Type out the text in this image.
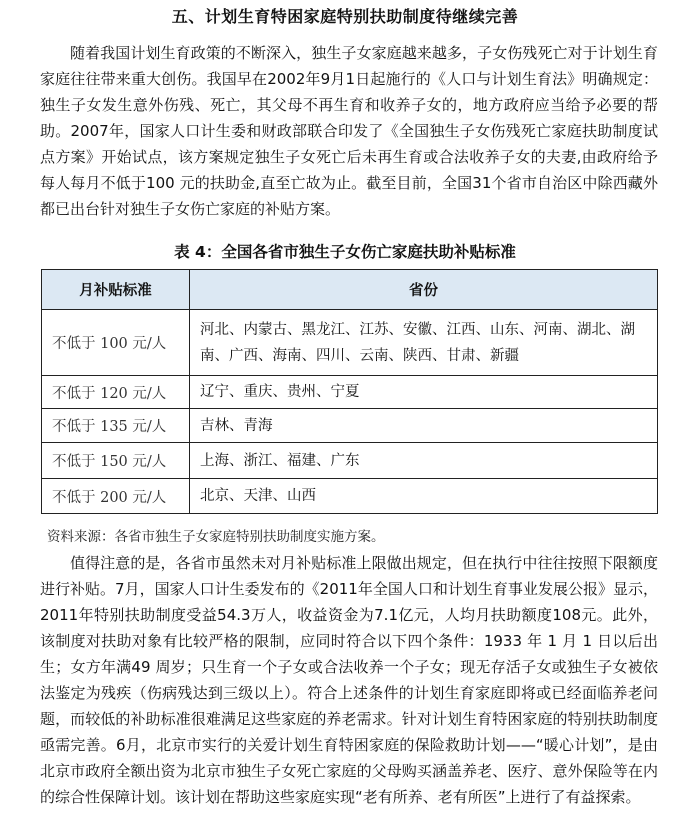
五、计划生育特困家庭特别扶助制度待继续完善

随着我国计划生育政策的不断深入，独生子女家庭越来越多，子女伤残死亡对于计划生育家庭往往带来重大创伤。我国早在2002年9月1日起施行的《人口与计划生育法》明确规定：独生子女发生意外伤残、死亡，其父母不再生育和收养子女的，地方政府应当给予必要的帮助。2007年，国家人口计生委和财政部联合印发了《全国独生子女伤残死亡家庭扶助制度试点方案》开始试点，该方案规定独生子女死亡后未再生育或合法收养子女的夫妻,由政府给予每人每月不低于100 元的扶助金,直至亡故为止。截至目前，全国31个省市自治区中除西藏外都已出台针对独生子女伤亡家庭的补贴方案。

表 4：全国各省市独生子女伤亡家庭扶助补贴标准
月补贴标准	省份
不低于 100 元/人	河北、内蒙古、黑龙江、江苏、安徽、江西、山东、河南、湖北、湖南、广西、海南、四川、云南、陕西、甘肃、新疆
不低于 120 元/人	辽宁、重庆、贵州、宁夏
不低于 135 元/人	吉林、青海
不低于 150 元/人	上海、浙江、福建、广东
不低于 200 元/人	北京、天津、山西
资料来源：各省市独生子女家庭特别扶助制度实施方案。

值得注意的是，各省市虽然未对月补贴标准上限做出规定，但在执行中往往按照下限额度进行补贴。7月，国家人口计生委发布的《2011年全国人口和计划生育事业发展公报》显示，2011年特别扶助制度受益54.3万人，收益资金为7.1亿元，人均月扶助额度108元。此外，该制度对扶助对象有比较严格的限制，应同时符合以下四个条件：1933 年 1 月 1 日以后出生；女方年满49 周岁；只生育一个子女或合法收养一个子女；现无存活子女或独生子女被依法鉴定为残疾（伤病残达到三级以上）。符合上述条件的计划生育家庭即将或已经面临养老问题，而较低的补助标准很难满足这些家庭的养老需求。针对计划生育特困家庭的特别扶助制度亟需完善。6月，北京市实行的关爱计划生育特困家庭的保险救助计划——“暖心计划”，是由北京市政府全额出资为北京市独生子女死亡家庭的父母购买涵盖养老、医疗、意外保险等在内的综合性保障计划。该计划在帮助这些家庭实现“老有所养、老有所医”上进行了有益探索。
